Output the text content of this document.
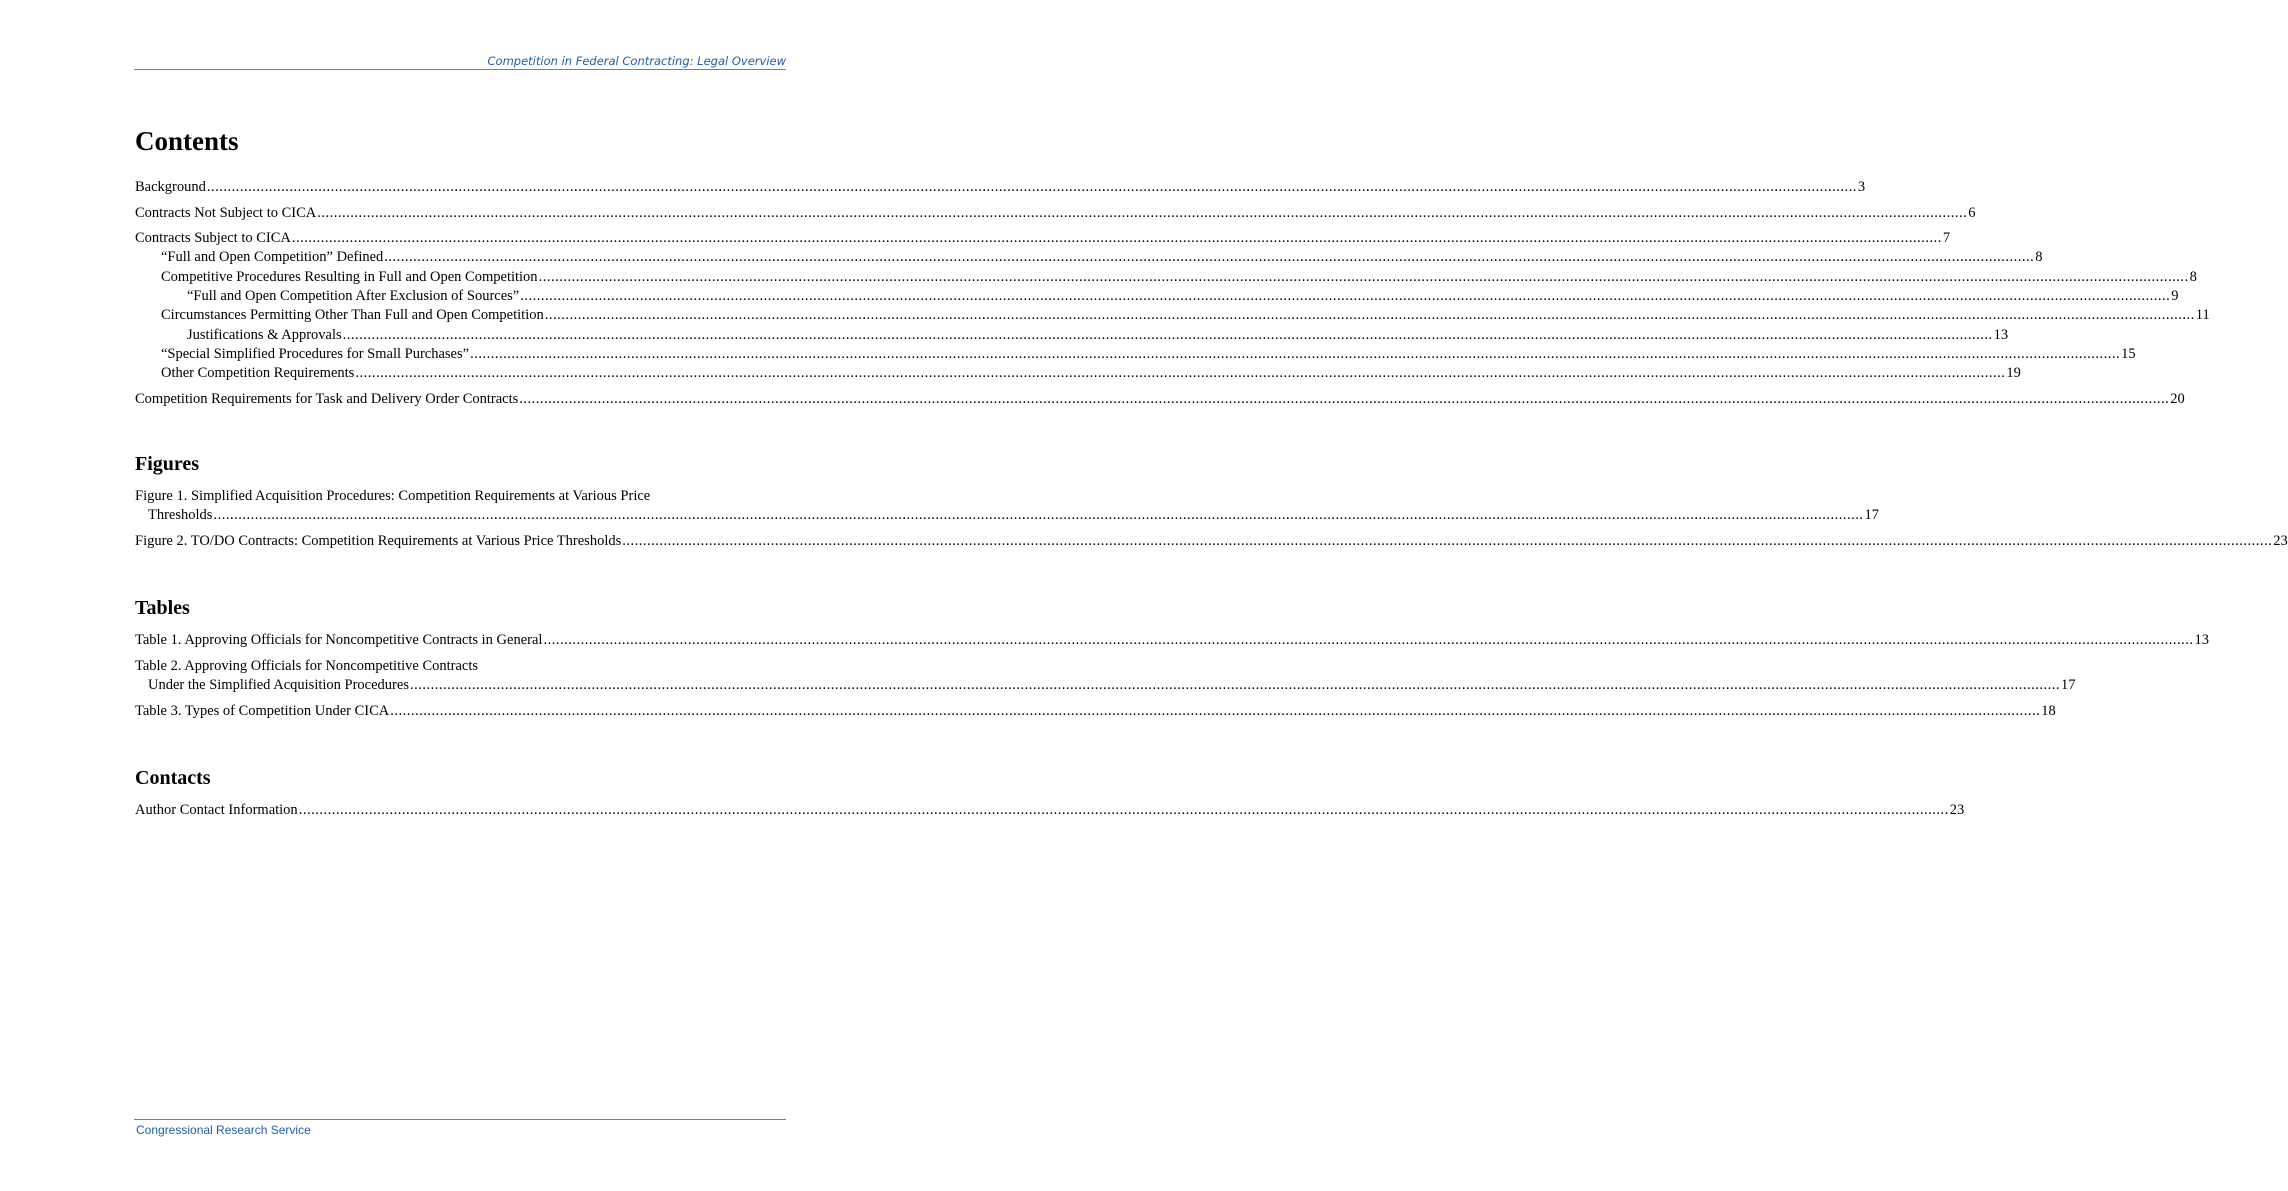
Competition in Federal Contracting: Legal Overview
Contents
Background ................................................................................................................................................................................................................................................................................................................................................................................................................ 3
Contracts Not Subject to CICA ................................................................................................................................................................................................................................................................................................................................................................................................................ 6
Contracts Subject to CICA ................................................................................................................................................................................................................................................................................................................................................................................................................ 7
“Full and Open Competition” Defined ................................................................................................................................................................................................................................................................................................................................................................................................................ 8
Competitive Procedures Resulting in Full and Open Competition ................................................................................................................................................................................................................................................................................................................................................................................................................ 8
“Full and Open Competition After Exclusion of Sources” ................................................................................................................................................................................................................................................................................................................................................................................................................ 9
Circumstances Permitting Other Than Full and Open Competition ................................................................................................................................................................................................................................................................................................................................................................................................................ 11
Justifications & Approvals ................................................................................................................................................................................................................................................................................................................................................................................................................ 13
“Special Simplified Procedures for Small Purchases” ................................................................................................................................................................................................................................................................................................................................................................................................................ 15
Other Competition Requirements ................................................................................................................................................................................................................................................................................................................................................................................................................ 19
Competition Requirements for Task and Delivery Order Contracts ................................................................................................................................................................................................................................................................................................................................................................................................................ 20
Figures
Figure 1. Simplified Acquisition Procedures: Competition Requirements at Various Price
Thresholds ................................................................................................................................................................................................................................................................................................................................................................................................................ 17
Figure 2. TO/DO Contracts: Competition Requirements at Various Price Thresholds ................................................................................................................................................................................................................................................................................................................................................................................................................ 23
Tables
Table 1. Approving Officials for Noncompetitive Contracts in General ................................................................................................................................................................................................................................................................................................................................................................................................................ 13
Table 2. Approving Officials for Noncompetitive Contracts
Under the Simplified Acquisition Procedures ................................................................................................................................................................................................................................................................................................................................................................................................................ 17
Table 3. Types of Competition Under CICA ................................................................................................................................................................................................................................................................................................................................................................................................................ 18
Contacts
Author Contact Information ................................................................................................................................................................................................................................................................................................................................................................................................................ 23
Congressional Research Service
